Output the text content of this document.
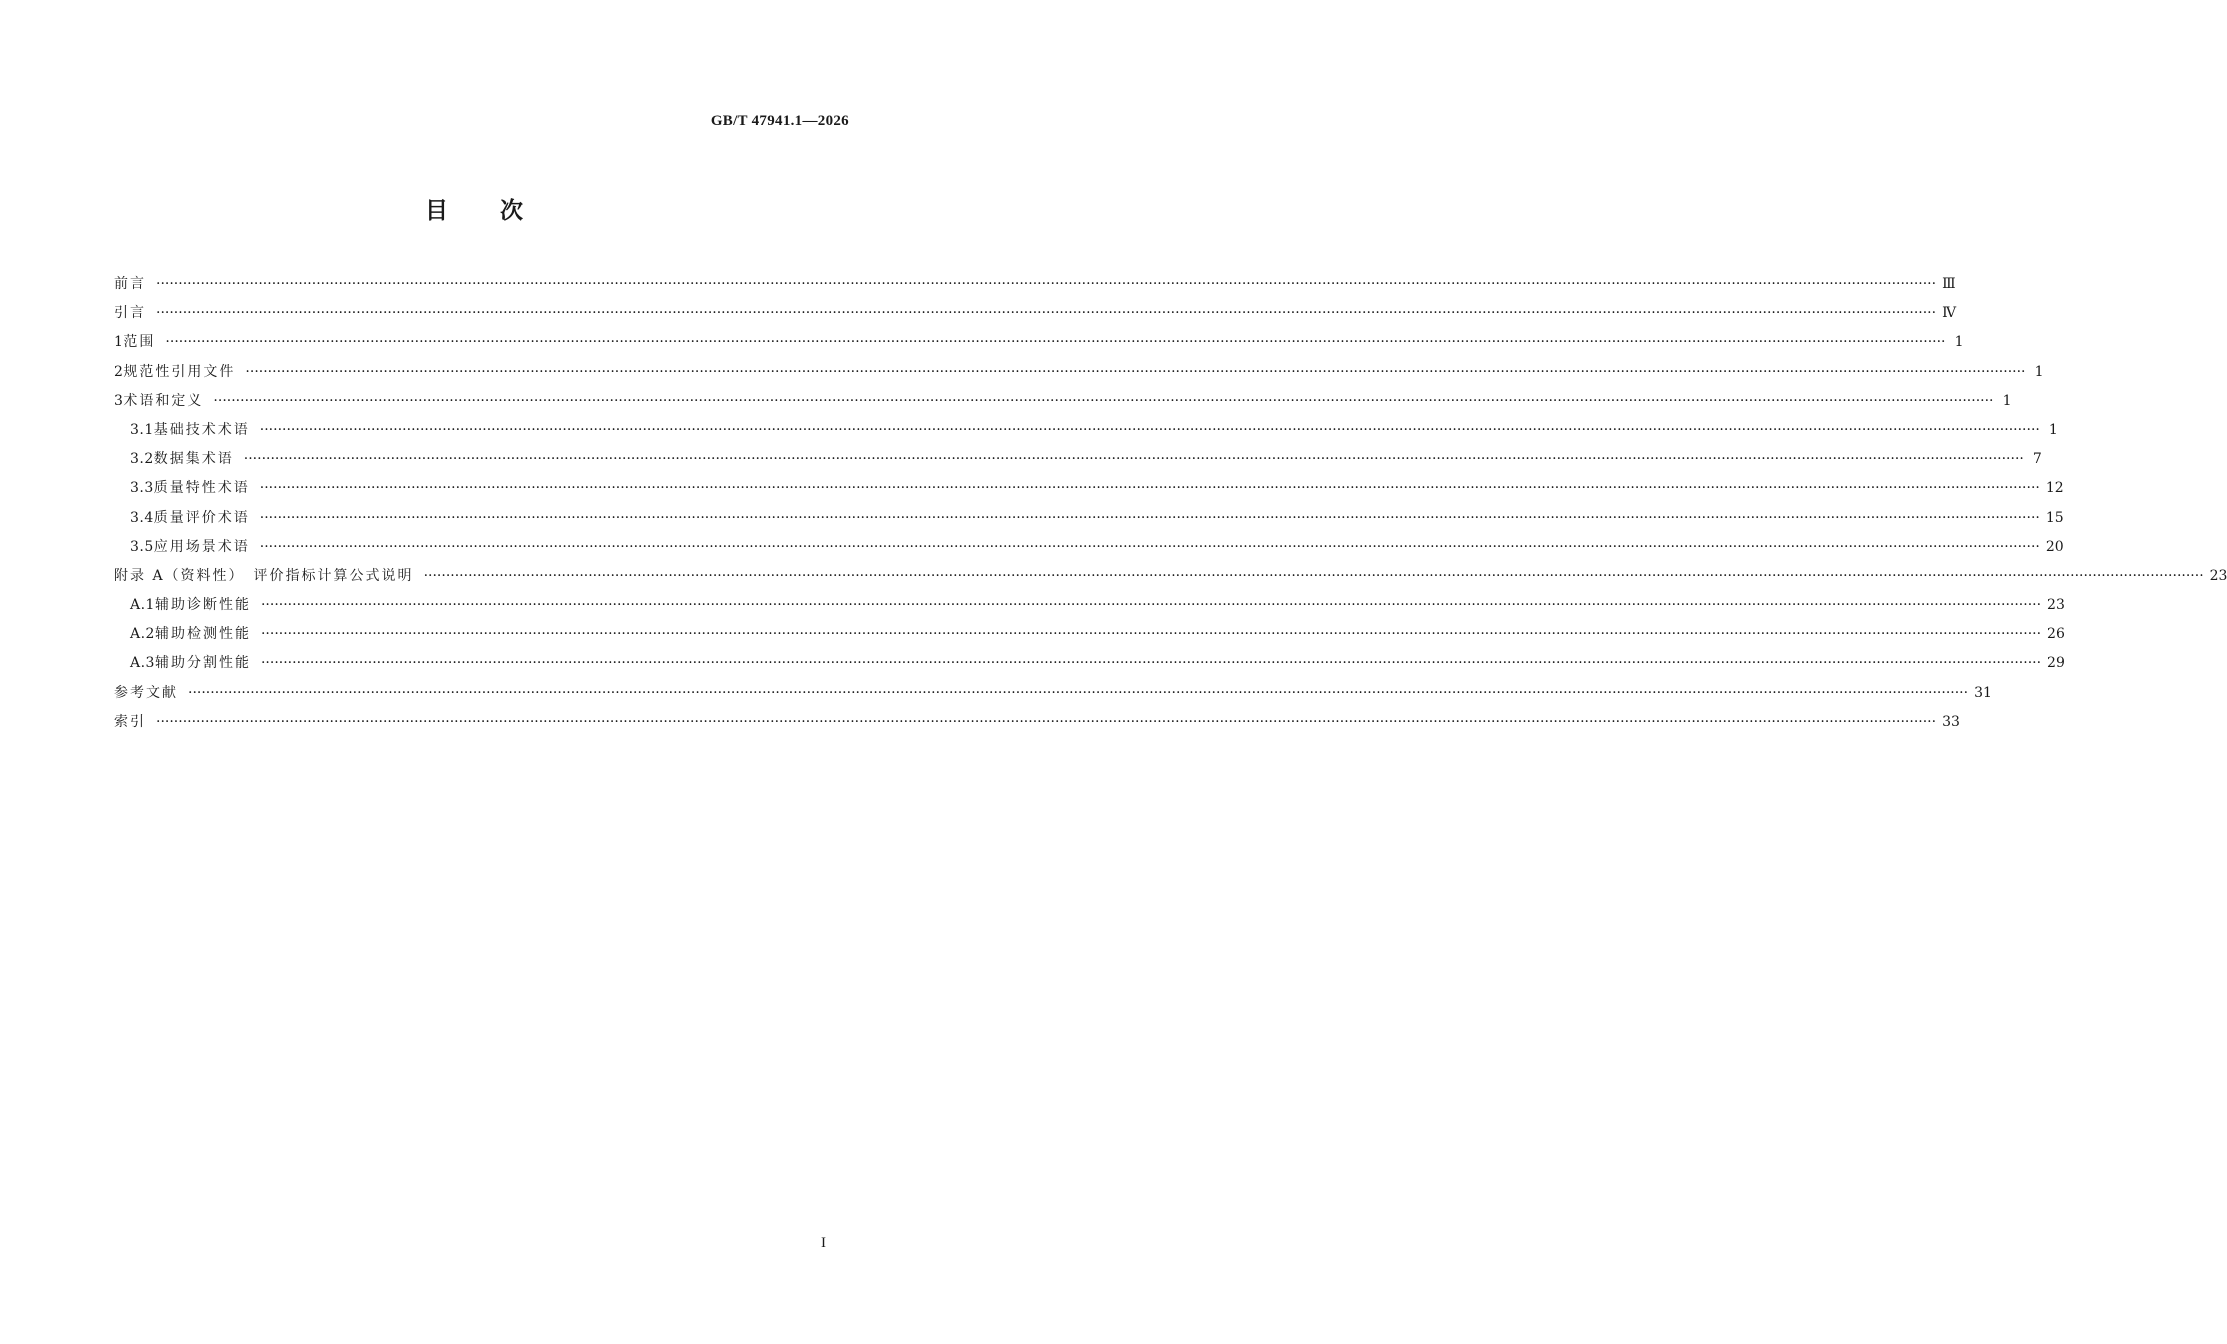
GB/T 47941.1—2026
目　　次
前言 ················································································································································································································································································································································································································ Ⅲ
引言 ················································································································································································································································································································································································································ Ⅳ
1 范围 ················································································································································································································································································································································································································ 1
2 规范性引用文件 ················································································································································································································································································································································································································ 1
3 术语和定义 ················································································································································································································································································································································································································ 1
3.1 基础技术术语 ················································································································································································································································································································································································································ 1
3.2 数据集术语 ················································································································································································································································································································································································································ 7
3.3 质量特性术语 ················································································································································································································································································································································································································ 12
3.4 质量评价术语 ················································································································································································································································································································································································································ 15
3.5 应用场景术语 ················································································································································································································································································································································································································ 20
附录 A（资料性）　评价指标计算公式说明 ················································································································································································································································································································································································································ 23
A.1 辅助诊断性能 ················································································································································································································································································································································································································ 23
A.2 辅助检测性能 ················································································································································································································································································································································································································ 26
A.3 辅助分割性能 ················································································································································································································································································································································································································ 29
参考文献 ················································································································································································································································································································································································································ 31
索引 ················································································································································································································································································································································································································ 33
I
